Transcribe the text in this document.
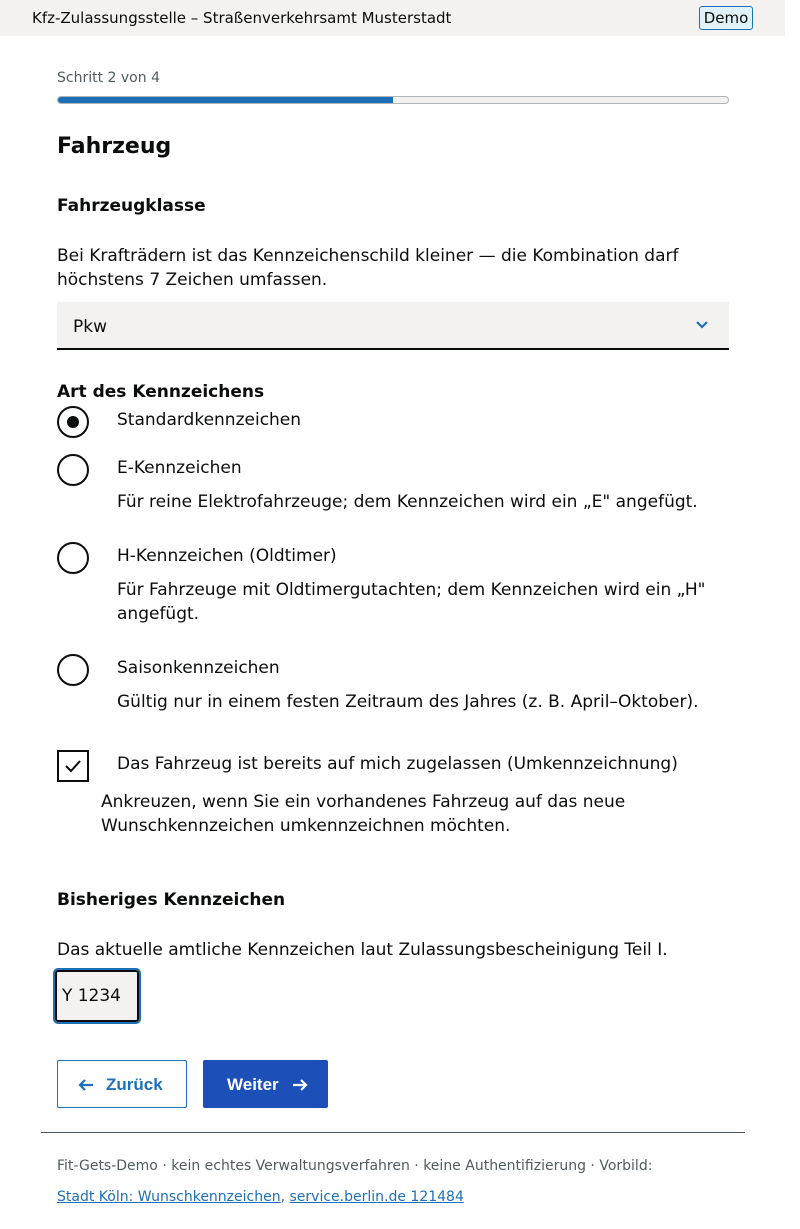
Kfz-Zulassungsstelle – Straßenverkehrsamt Musterstadt	Demo
Schritt 2 von 4
Fahrzeug
Fahrzeugklasse
Bei Krafträdern ist das Kennzeichenschild kleiner — die Kombination darf höchstens 7 Zeichen umfassen.
Pkw
Art des Kennzeichens
Standardkennzeichen
E-Kennzeichen
Für reine Elektrofahrzeuge; dem Kennzeichen wird ein „E" angefügt.
H-Kennzeichen (Oldtimer)
Für Fahrzeuge mit Oldtimergutachten; dem Kennzeichen wird ein „H" angefügt.
Saisonkennzeichen
Gültig nur in einem festen Zeitraum des Jahres (z. B. April–Oktober).
Das Fahrzeug ist bereits auf mich zugelassen (Umkennzeichnung)
Ankreuzen, wenn Sie ein vorhandenes Fahrzeug auf das neue Wunschkennzeichen umkennzeichnen möchten.
Bisheriges Kennzeichen
Das aktuelle amtliche Kennzeichen laut Zulassungsbescheinigung Teil I.
Y 1234
Zurück	Weiter
Fit-Gets-Demo · kein echtes Verwaltungsverfahren · keine Authentifizierung · Vorbild:
Stadt Köln: Wunschkennzeichen, service.berlin.de 121484
